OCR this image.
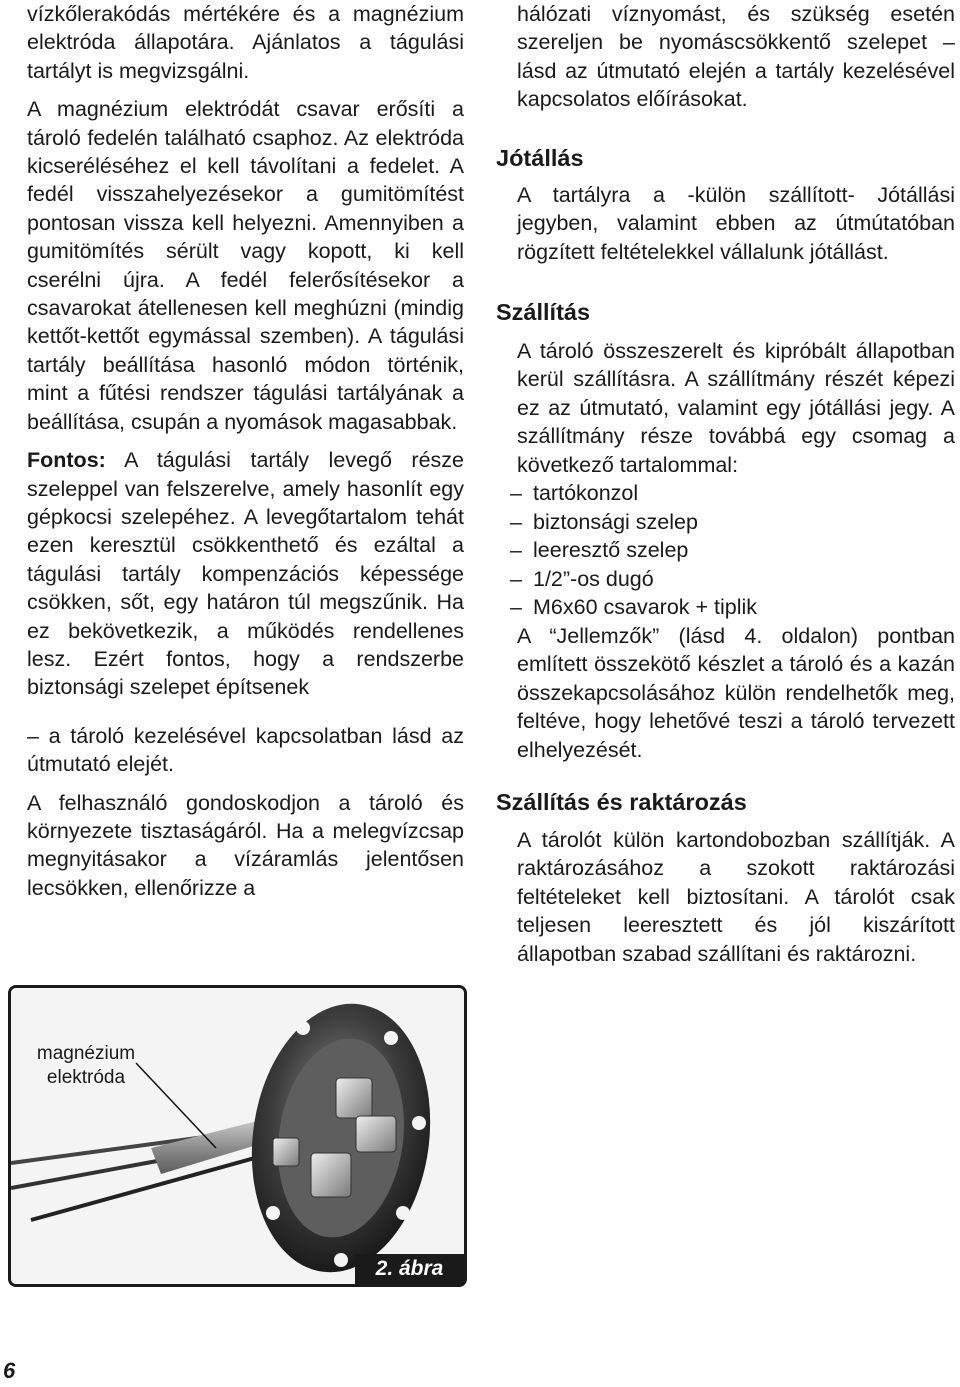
vízkőlerakódás mértékére és a magnézium elektróda állapotára. Ajánlatos a tágulási tartályt is megvizsgálni.

A magnézium elektródát csavar erősíti a tároló fedelén található csaphoz. Az elektróda kicseréléséhez el kell távolítani a fedelet. A fedél visszahelyezésekor a gumitömítést pontosan vissza kell helyezni. Amennyiben a gumitömítés sérült vagy kopott, ki kell cserélni újra. A fedél felerősítésekor a csavarokat átellenesen kell meghúzni (mindig kettőt-kettőt egymással szemben). A tágulási tartály beállítása hasonló módon történik, mint a fűtési rendszer tágulási tartályának a beállítása, csupán a nyomások magasabbak.

Fontos: A tágulási tartály levegő része szeleppel van felszerelve, amely hasonlít egy gépkocsi szelepéhez. A levegőtartalom tehát ezen keresztül csökkenthető és ezáltal a tágulási tartály kompenzációs képessége csökken, sőt, egy határon túl megszűnik. Ha ez bekövetkezik, a működés rendellenes lesz. Ezért fontos, hogy a rendszerbe biztonsági szelepet építsenek

– a tároló kezelésével kapcsolatban lásd az útmutató elejét.

A felhasználó gondoskodjon a tároló és környezete tisztaságáról. Ha a melegvízcsap megnyitásakor a vízáramlás jelentősen lecsökken, ellenőrizze a

hálózati víznyomást, és szükség esetén szereljen be nyomáscsökkentő szelepet – lásd az útmutató elején a tartály kezelésével kapcsolatos előírásokat.

Jótállás

A tartályra a -külön szállított- Jótállási jegyben, valamint ebben az útmútatóban rögzített feltételekkel vállalunk jótállást.

Szállítás

A tároló összeszerelt és kipróbált állapotban kerül szállításra. A szállítmány részét képezi ez az útmutató, valamint egy jótállási jegy. A szállítmány része továbbá egy csomag a következő tartalommal:

– tartókonzol
– biztonsági szelep
– leeresztő szelep
– 1/2”-os dugó
– M6x60 csavarok + tiplik

A “Jellemzők” (lásd 4. oldalon) pontban említett összekötő készlet a tároló és a kazán összekapcsolásához külön rendelhetők meg, feltéve, hogy lehetővé teszi a tároló tervezett elhelyezését.

Szállítás és raktározás

A tárolót külön kartondobozban szállítják. A raktározásához a szokott raktározási feltételeket kell biztosítani. A tárolót csak teljesen leeresztett és jól kiszárított állapotban szabad szállítani és raktározni.

magnézium
elektróda
2. ábra
6
